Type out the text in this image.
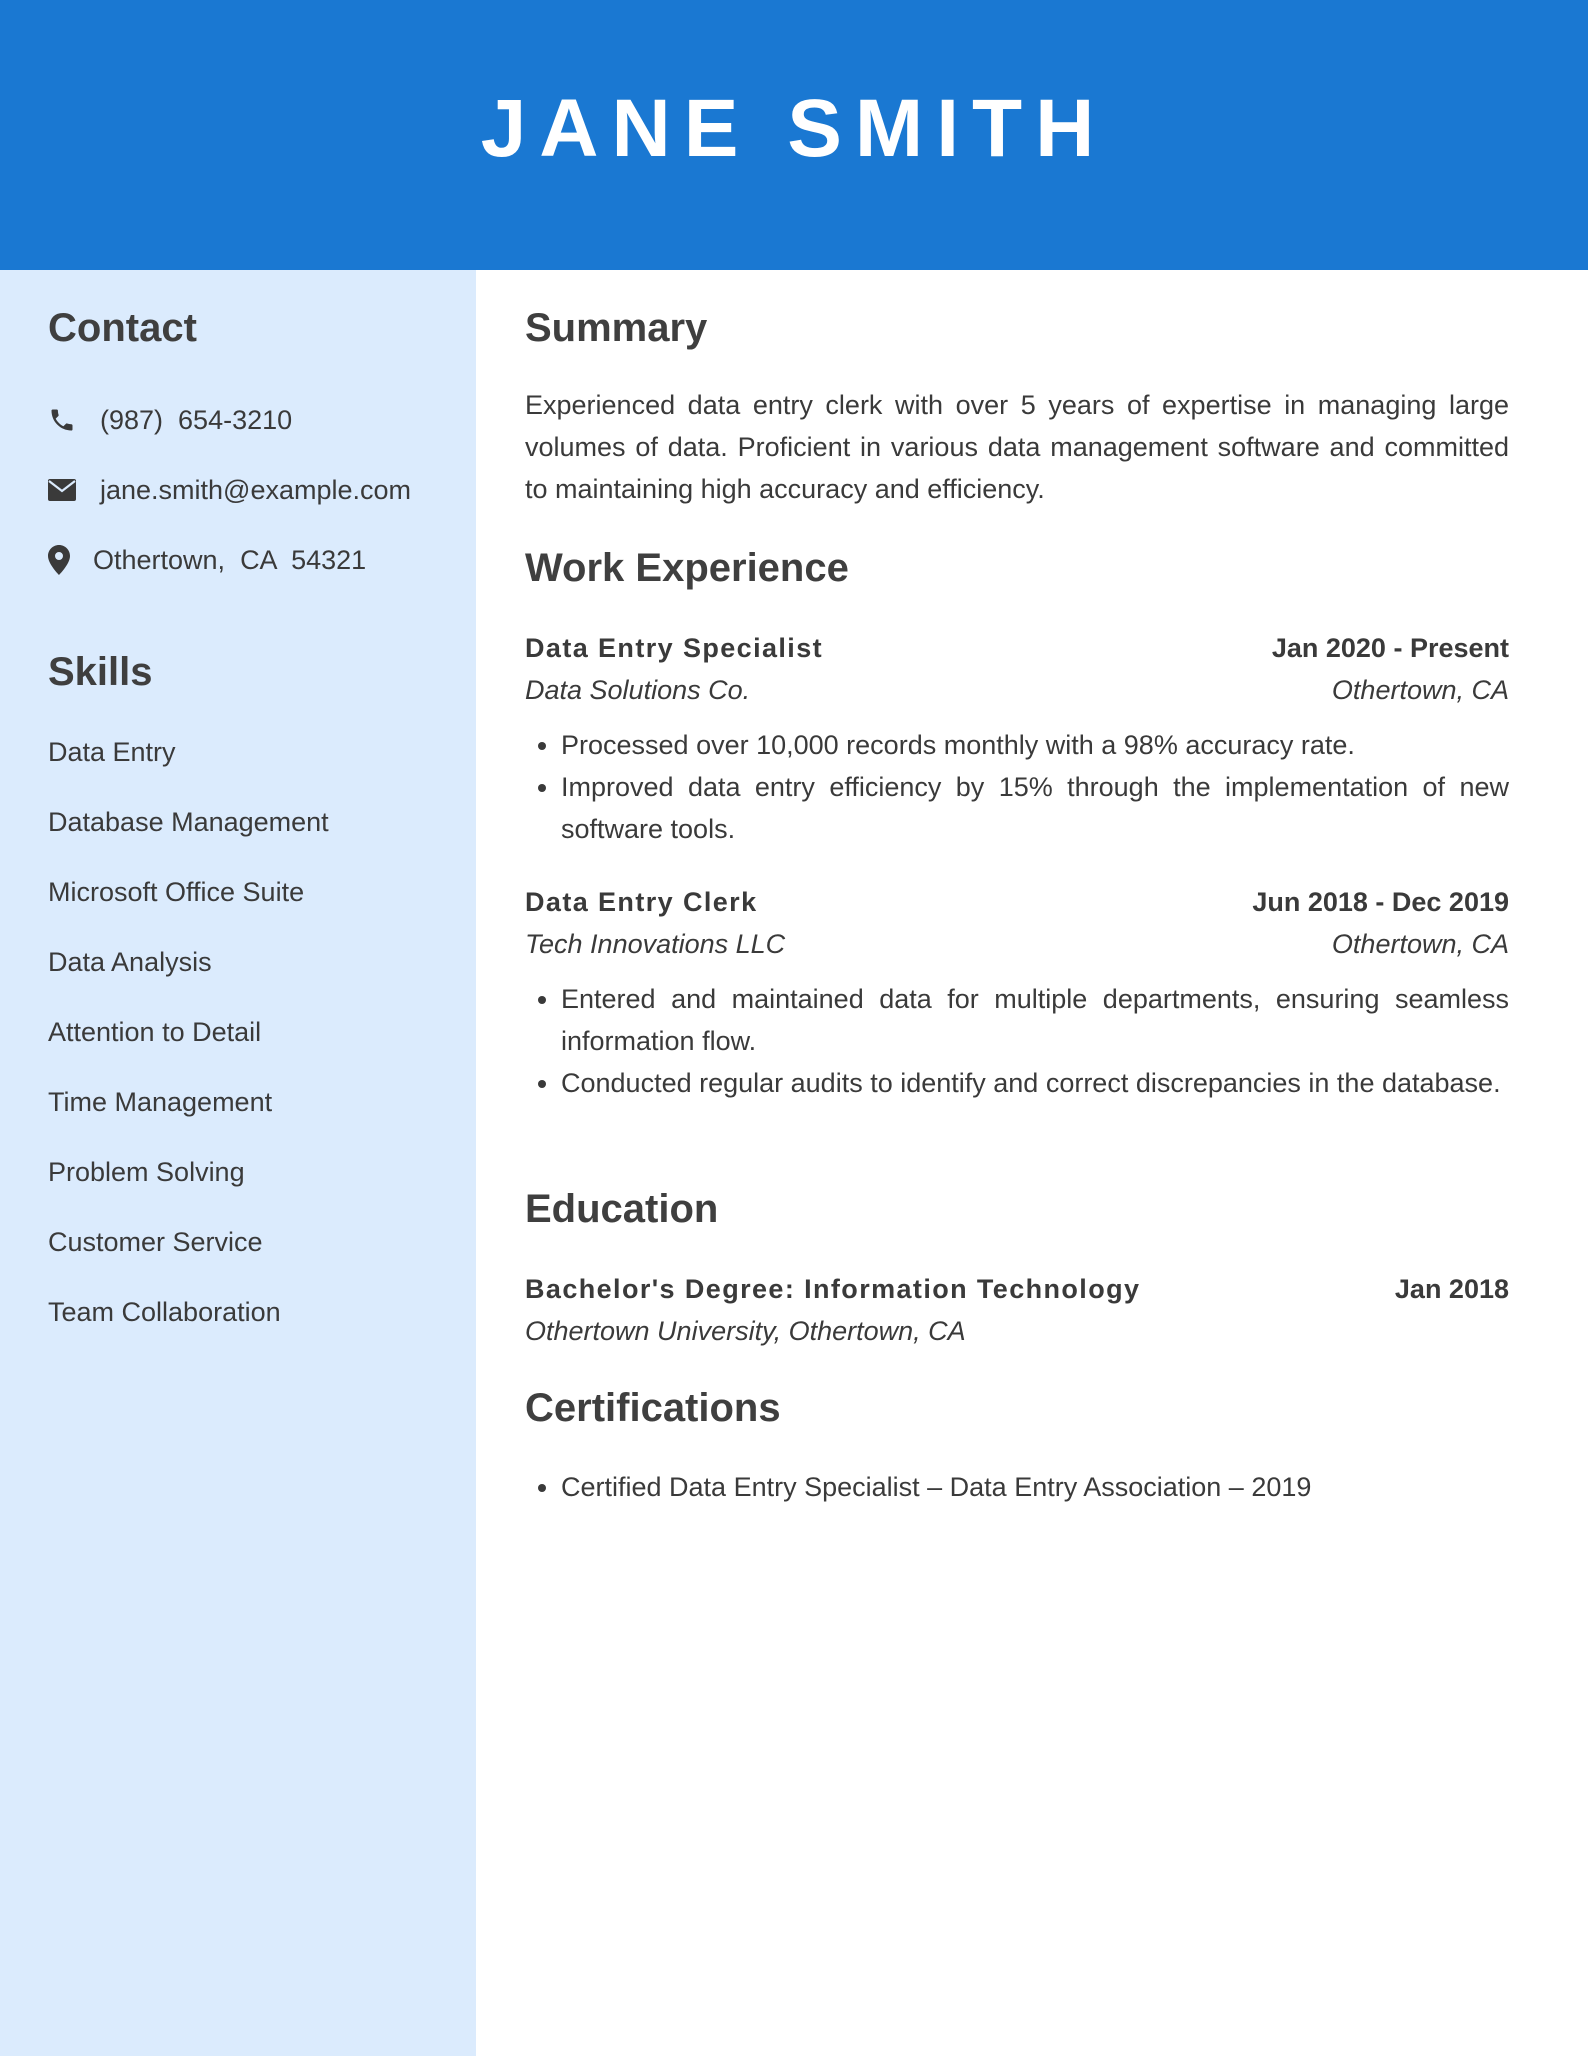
JANE SMITH
Contact
(987)  654-3210
jane.smith@example.com
Othertown,  CA  54321
Skills

Data Entry

Database Management

Microsoft Office Suite

Data Analysis

Attention to Detail

Time Management

Problem Solving

Customer Service

Team Collaboration

Summary

Experienced data entry clerk with over 5 years of expertise in managing large volumes of data. Proficient in various data management software and committed to maintaining high accuracy and efficiency.

Work Experience
Data Entry Specialist	Jan 2020 - Present
Data Solutions Co.	Othertown, CA
• Processed over 10,000 records monthly with a 98% accuracy rate.
• Improved data entry efficiency by 15% through the implementation of new software tools.
Data Entry Clerk	Jun 2018 - Dec 2019
Tech Innovations LLC	Othertown, CA
• Entered and maintained data for multiple departments, ensuring seamless information flow.
• Conducted regular audits to identify and correct discrepancies in the database.
Education
Bachelor's Degree: Information Technology	Jan 2018
Othertown University, Othertown, CA
Certifications
• Certified Data Entry Specialist – Data Entry Association – 2019
